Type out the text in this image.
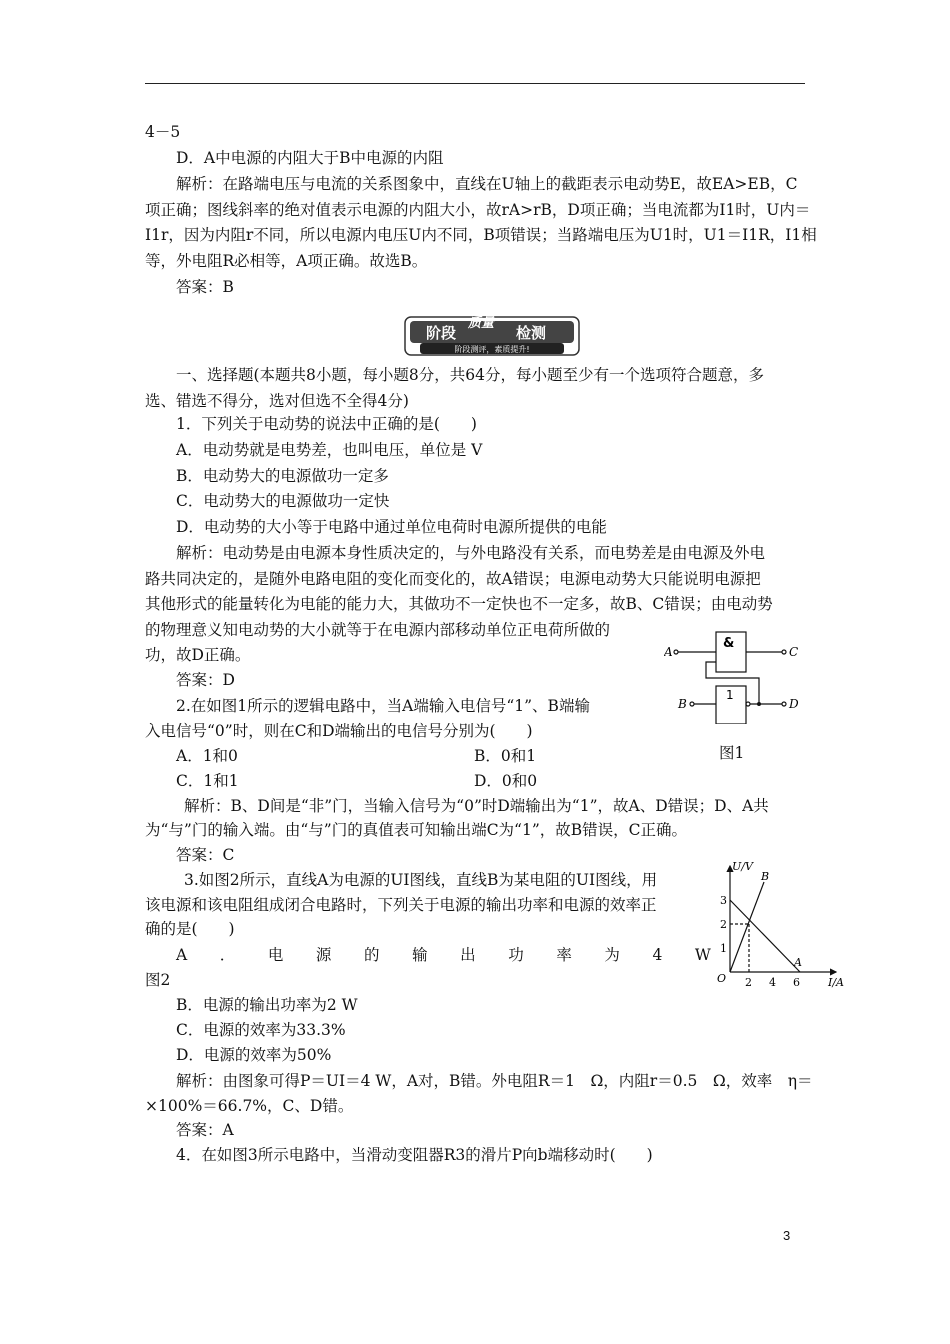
4－5
D．A中电源的内阻大于B中电源的内阻
解析：在路端电压与电流的关系图象中，直线在U轴上的截距表示电动势E，故EA>EB，C
项正确；图线斜率的绝对值表示电源的内阻大小，故rA>rB，D项正确；当电流都为I1时，U内＝
I1r，因为内阻r不同，所以电源内电压U内不同，B项错误；当路端电压为U1时，U1＝I1R，I1相
等，外电阻R必相等，A项正确。故选B。
答案：B
阶段
质量
检测
阶段测评，素质提升!
一、选择题(本题共8小题，每小题8分，共64分，每小题至少有一个选项符合题意，多
选、错选不得分，选对但选不全得4分)
1．下列关于电动势的说法中正确的是(　　)
A．电动势就是电势差，也叫电压，单位是 V
B．电动势大的电源做功一定多
C．电动势大的电源做功一定快
D．电动势的大小等于电路中通过单位电荷时电源所提供的电能
解析：电动势是由电源本身性质决定的，与外电路没有关系，而电势差是由电源及外电
路共同决定的，是随外电路电阻的变化而变化的，故A错误；电源电动势大只能说明电源把
其他形式的能量转化为电能的能力大，其做功不一定快也不一定多，故B、C错误；由电动势
的物理意义知电动势的大小就等于在电源内部移动单位正电荷所做的
功，故D正确。
答案：D
2.在如图1所示的逻辑电路中，当A端输入电信号“1”、B端输
入电信号“0”时，则在C和D端输出的电信号分别为(　　)
A．1和0	B．0和1
C．1和1	D．0和0
&
1
A
B
C
D
图1
解析：B、D间是“非”门，当输入信号为“0”时D端输出为“1”，故A、D错误；D、A共
为“与”门的输入端。由“与”门的真值表可知输出端C为“1”，故B错误，C正确。
答案：C
3.如图2所示，直线A为电源的UI图线，直线B为某电阻的UI图线，用
该电源和该电阻组成闭合电路时，下列关于电源的输出功率和电源的效率正
确的是(　　)
A ． 电 源 的 输 出 功 率 为 4 W
图2
U/V
I/A
O
3
2
1
2 4 6
A
B
B．电源的输出功率为2 W
C．电源的效率为33.3%
D．电源的效率为50%
解析：由图象可得P＝UI＝4 W，A对，B错。外电阻R＝1　Ω，内阻r＝0.5　Ω，效率　η＝
×100%＝66.7%，C、D错。
答案：A
4．在如图3所示电路中，当滑动变阻器R3的滑片P向b端移动时(　　)
3
